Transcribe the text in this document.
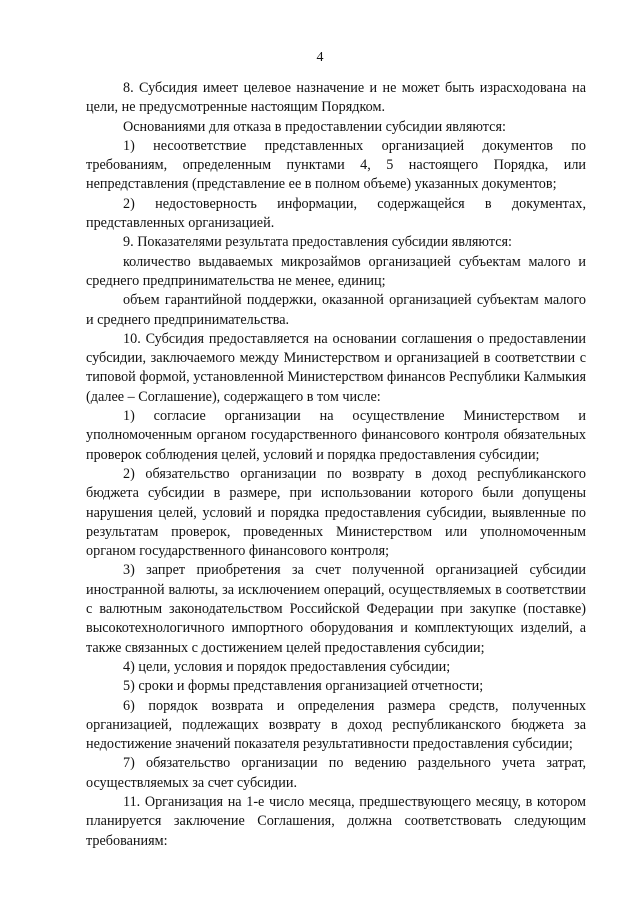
4

8. Субсидия имеет целевое назначение и не может быть израсходована на цели, не предусмотренные настоящим Порядком.

Основаниями для отказа в предоставлении субсидии являются:

1) несоответствие представленных организацией документов по требованиям, определенным пунктами 4, 5 настоящего Порядка, или непредставления (представление ее в полном объеме) указанных документов;

2) недостоверность информации, содержащейся в документах, представленных организацией.

9. Показателями результата предоставления субсидии являются:

количество выдаваемых микрозаймов организацией субъектам малого и среднего предпринимательства не менее, единиц;

объем гарантийной поддержки, оказанной организацией субъектам малого и среднего предпринимательства.

10. Субсидия предоставляется на основании соглашения о предоставлении субсидии, заключаемого между Министерством и организацией в соответствии с типовой формой, установленной Министерством финансов Республики Калмыкия (далее – Соглашение), содержащего в том числе:

1) согласие организации на осуществление Министерством и уполномоченным органом государственного финансового контроля обязательных проверок соблюдения целей, условий и порядка предоставления субсидии;

2) обязательство организации по возврату в доход республиканского бюджета субсидии в размере, при использовании которого были допущены нарушения целей, условий и порядка предоставления субсидии, выявленные по результатам проверок, проведенных Министерством или уполномоченным органом государственного финансового контроля;

3) запрет приобретения за счет полученной организацией субсидии иностранной валюты, за исключением операций, осуществляемых в соответствии с валютным законодательством Российской Федерации при закупке (поставке) высокотехнологичного импортного оборудования и комплектующих изделий, а также связанных с достижением целей предоставления субсидии;

4) цели, условия и порядок предоставления субсидии;

5) сроки и формы представления организацией отчетности;

6) порядок возврата и определения размера средств, полученных организацией, подлежащих возврату в доход республиканского бюджета за недостижение значений показателя результативности предоставления субсидии;

7) обязательство организации по ведению раздельного учета затрат, осуществляемых за счет субсидии.

11. Организация на 1-е число месяца, предшествующего месяцу, в котором планируется заключение Соглашения, должна соответствовать следующим требованиям:
